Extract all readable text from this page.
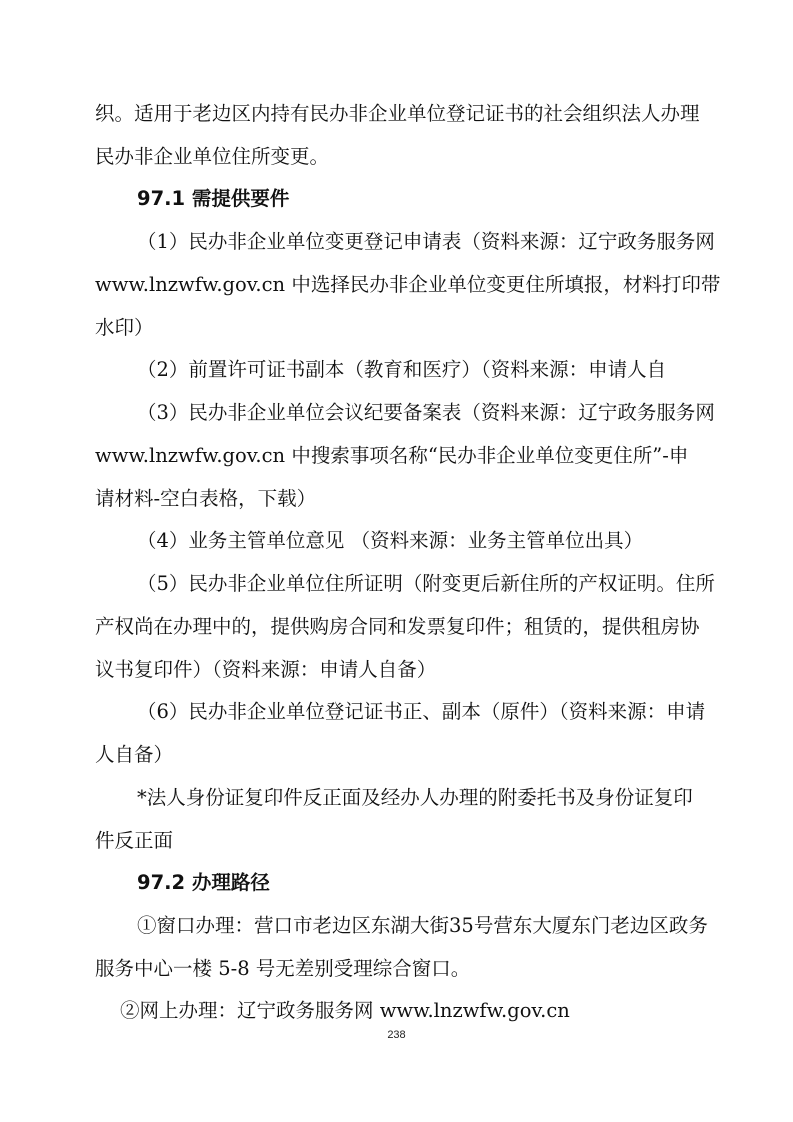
织。适用于老边区内持有民办非企业单位登记证书的社会组织法人办理
民办非企业单位住所变更。
97.1 需提供要件
（1）民办非企业单位变更登记申请表（资料来源：辽宁政务服务网
www.lnzwfw.gov.cn 中选择民办非企业单位变更住所填报，材料打印带
水印）
（2）前置许可证书副本（教育和医疗）（资料来源：申请人自
（3）民办非企业单位会议纪要备案表（资料来源：辽宁政务服务网
www.lnzwfw.gov.cn 中搜索事项名称“民办非企业单位变更住所”-申
请材料-空白表格，下载）
（4）业务主管单位意见 （资料来源：业务主管单位出具）
（5）民办非企业单位住所证明（附变更后新住所的产权证明。住所
产权尚在办理中的，提供购房合同和发票复印件；租赁的，提供租房协
议书复印件）（资料来源：申请人自备）
（6）民办非企业单位登记证书正、副本（原件）（资料来源：申请
人自备）
*法人身份证复印件反正面及经办人办理的附委托书及身份证复印
件反正面
97.2 办理路径
①窗口办理：营口市老边区东湖大街35号营东大厦东门老边区政务
服务中心一楼 5-8 号无差别受理综合窗口。
②网上办理：辽宁政务服务网 www.lnzwfw.gov.cn
238
